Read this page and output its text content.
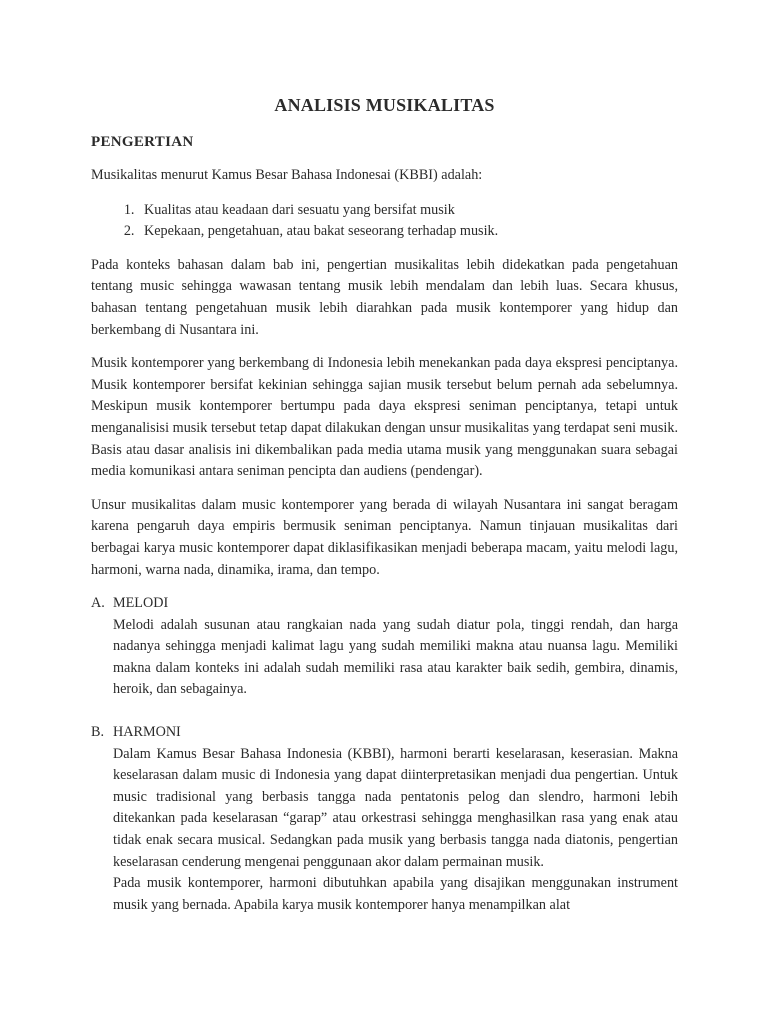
ANALISIS MUSIKALITAS
PENGERTIAN

Musikalitas menurut Kamus Besar Bahasa Indonesai (KBBI) adalah:

1. Kualitas atau keadaan dari sesuatu yang bersifat musik
2. Kepekaan, pengetahuan, atau bakat seseorang terhadap musik.

Pada konteks bahasan dalam bab ini, pengertian musikalitas lebih didekatkan pada pengetahuan tentang music sehingga wawasan tentang musik lebih mendalam dan lebih luas. Secara khusus, bahasan tentang pengetahuan musik lebih diarahkan pada musik kontemporer yang hidup dan berkembang di Nusantara ini.

Musik kontemporer yang berkembang di Indonesia lebih menekankan pada daya ekspresi penciptanya. Musik kontemporer bersifat kekinian sehingga sajian musik tersebut belum pernah ada sebelumnya. Meskipun musik kontemporer bertumpu pada daya ekspresi seniman penciptanya, tetapi untuk menganalisisi musik tersebut tetap dapat dilakukan dengan unsur musikalitas yang terdapat seni musik. Basis atau dasar analisis ini dikembalikan pada media utama musik yang menggunakan suara sebagai media komunikasi antara seniman pencipta dan audiens (pendengar).

Unsur musikalitas dalam music kontemporer yang berada di wilayah Nusantara ini sangat beragam karena pengaruh daya empiris bermusik seniman penciptanya. Namun tinjauan musikalitas dari berbagai karya music kontemporer dapat diklasifikasikan menjadi beberapa macam, yaitu melodi lagu, harmoni, warna nada, dinamika, irama, dan tempo.

A. MELODI

Melodi adalah susunan atau rangkaian nada yang sudah diatur pola, tinggi rendah, dan harga nadanya sehingga menjadi kalimat lagu yang sudah memiliki makna atau nuansa lagu. Memiliki makna dalam konteks ini adalah sudah memiliki rasa atau karakter baik sedih, gembira, dinamis, heroik, dan sebagainya.

B. HARMONI

Dalam Kamus Besar Bahasa Indonesia (KBBI), harmoni berarti keselarasan, keserasian. Makna keselarasan dalam music di Indonesia yang dapat diinterpretasikan menjadi dua pengertian. Untuk music tradisional yang berbasis tangga nada pentatonis pelog dan slendro, harmoni lebih ditekankan pada keselarasan “garap” atau orkestrasi sehingga menghasilkan rasa yang enak atau tidak enak secara musical. Sedangkan pada musik yang berbasis tangga nada diatonis, pengertian keselarasan cenderung mengenai penggunaan akor dalam permainan musik.

Pada musik kontemporer, harmoni dibutuhkan apabila yang disajikan menggunakan instrument musik yang bernada. Apabila karya musik kontemporer hanya menampilkan alat
